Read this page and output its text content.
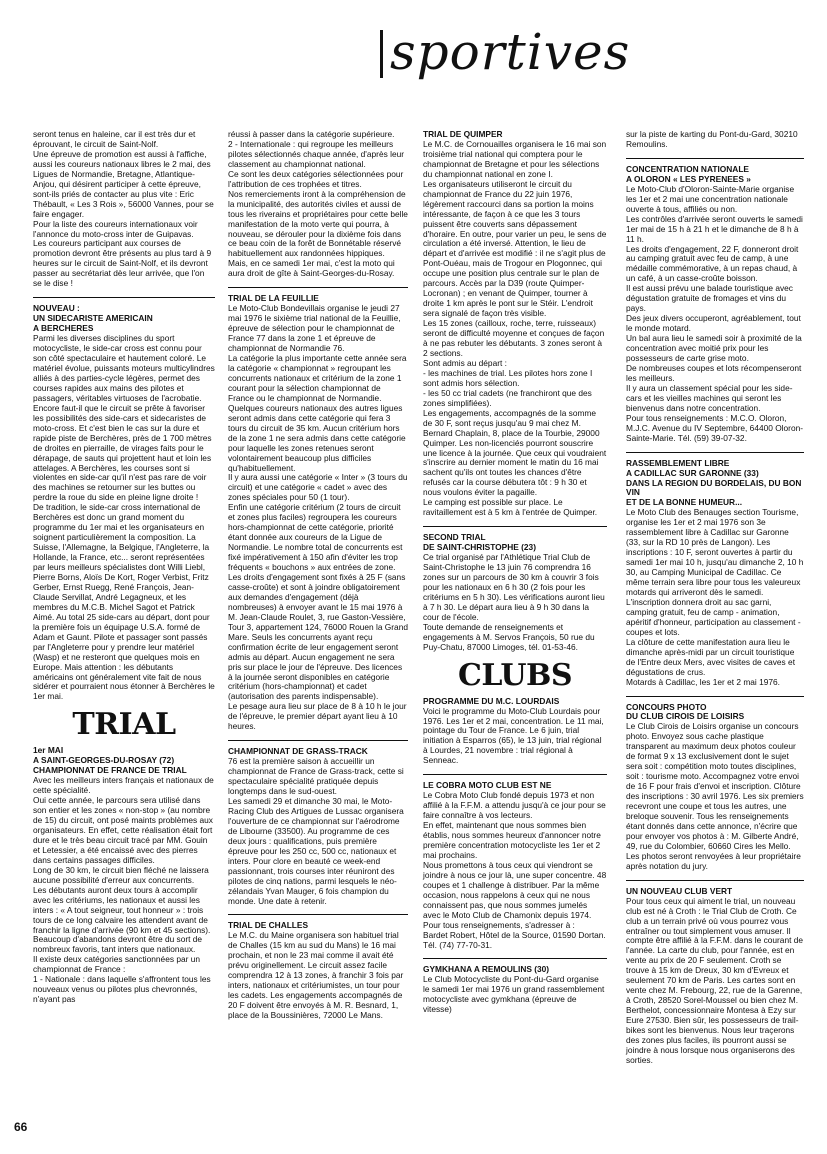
sportives
seront tenus en haleine, car il est très dur et éprouvant, le circuit de Saint-Nolf.
Une épreuve de promotion est aussi à l'affiche, aussi les coureurs nationaux libres le 2 mai, des Ligues de Normandie, Bretagne, Atlantique-Anjou, qui désirent participer à cette épreuve, sont-ils priés de contacter au plus vite : Eric Thébault, « Les 3 Rois », 56000 Vannes, pour se faire engager.
Pour la liste des coureurs internationaux voir l'annonce du moto-cross inter de Guipavas.
Les coureurs participant aux courses de promotion devront être présents au plus tard à 9 heures sur le circuit de Saint-Nolf, et ils devront passer au secrétariat dès leur arrivée, que l'on se le dise !
NOUVEAU :
UN SIDECARISTE AMERICAIN
A BERCHERES
Parmi les diverses disciplines du sport motocycliste, le side-car cross est connu pour son côté spectaculaire et hautement coloré. Le matériel évolue, puissants moteurs multicylindres alliés à des parties-cycle légères, permet des courses rapides aux mains des pilotes et passagers, véritables virtuoses de l'acrobatie. Encore faut-il que le circuit se prête à favoriser les possibilités des side-cars et sidecaristes de moto-cross. Et c'est bien le cas sur la dure et rapide piste de Berchères, près de 1 700 mètres de droites en pierraille, de virages faits pour le dérapage, de sauts qui projettent haut et loin les attelages. A Berchères, les courses sont si violentes en side-car qu'il n'est pas rare de voir des machines se retourner sur les buttes ou perdre la roue du side en pleine ligne droite !
De tradition, le side-car cross international de Berchères est donc un grand moment du programme du 1er mai et les organisateurs en soignent particulièrement la composition. La Suisse, l'Allemagne, la Belgique, l'Angleterre, la Hollande, la France, etc... seront représentées par leurs meilleurs spécialistes dont Willi Liebl, Pierre Borns, Aloïs De Kort, Roger Verbist, Fritz Gerber, Ernst Ruegg, René François, Jean-Claude Servillat, André Legagneux, et les membres du M.C.B. Michel Sagot et Patrick Aimé. Au total 25 side-cars au départ, dont pour la première fois un équipage U.S.A. formé de Adam et Gaunt. Pilote et passager sont passés par l'Angleterre pour y prendre leur matériel (Wasp) et ne resteront que quelques mois en Europe. Mais attention : les débutants américains ont généralement vite fait de nous sidérer et pourraient nous étonner à Berchères le 1er mai.
TRIAL
1er MAI
A SAINT-GEORGES-DU-ROSAY (72)
CHAMPIONNAT DE FRANCE DE TRIAL
Avec les meilleurs inters français et nationaux de cette spécialité.
Oui cette année, le parcours sera utilisé dans son entier et les zones « non-stop » (au nombre de 15) du circuit, ont posé maints problèmes aux organisateurs. En effet, cette réalisation était fort dure et le très beau circuit tracé par MM. Gouin et Letessier, a été encaissé avec des pierres dans certains passages difficiles.
Long de 30 km, le circuit bien fléché ne laissera aucune possibilité d'erreur aux concurrents.
Les débutants auront deux tours à accomplir avec les critériums, les nationaux et aussi les inters : « A tout seigneur, tout honneur » : trois tours de ce long calvaire les attendent avant de franchir la ligne d'arrivée (90 km et 45 sections).
Beaucoup d'abandons devront être du sort de nombreux favoris, tant inters que nationaux.
Il existe deux catégories sanctionnées par un championnat de France :
1 - Nationale : dans laquelle s'affrontent tous les nouveaux venus ou pilotes plus chevronnés, n'ayant pas
réussi à passer dans la catégorie supérieure.
2 - Internationale : qui regroupe les meilleurs pilotes sélectionnés chaque année, d'après leur classement au championnat national.
Ce sont les deux catégories sélectionnées pour l'attribution de ces trophées et titres.
Nos remerciements iront à la compréhension de la municipalité, des autorités civiles et aussi de tous les riverains et propriétaires pour cette belle manifestation de la moto verte qui pourra, à nouveau, se dérouler pour la dixième fois dans ce beau coin de la forêt de Bonnétable réservé habituellement aux randonnées hippiques.
Mais, en ce samedi 1er mai, c'est la moto qui aura droit de gîte à Saint-Georges-du-Rosay.
TRIAL DE LA FEUILLIE
Le Moto-Club Bondevillais organise le jeudi 27 mai 1976 le sixième trial national de la Feuillie, épreuve de sélection pour le championnat de France 77 dans la zone 1 et épreuve de championnat de Normandie 76.
La catégorie la plus importante cette année sera la catégorie « championnat » regroupant les concurrents nationaux et critérium de la zone 1 courant pour la sélection championnat de France ou le championnat de Normandie. Quelques coureurs nationaux des autres ligues seront admis dans cette catégorie qui fera 3 tours du circuit de 35 km. Aucun critérium hors de la zone 1 ne sera admis dans cette catégorie pour laquelle les zones retenues seront volontairement beaucoup plus difficiles qu'habituellement.
Il y aura aussi une catégorie « Inter » (3 tours du circuit) et une catégorie « cadet » avec des zones spéciales pour 50 (1 tour).
Enfin une catégorie critérium (2 tours de circuit et zones plus faciles) regroupera les coureurs hors-championnat de cette catégorie, priorité étant donnée aux coureurs de la Ligue de Normandie. Le nombre total de concurrents est fixé impérativement à 150 afin d'éviter les trop fréquents « bouchons » aux entrées de zone.
Les droits d'engagement sont fixés à 25 F (sans casse-croûte) et sont à joindre obligatoirement aux demandes d'engagement (déjà nombreuses) à envoyer avant le 15 mai 1976 à M. Jean-Claude Roulet, 3, rue Gaston-Vessière, Tour 3, appartement 124, 76000 Rouen la Grand Mare. Seuls les concurrents ayant reçu confirmation écrite de leur engagement seront admis au départ. Aucun engagement ne sera pris sur place le jour de l'épreuve. Des licences à la journée seront disponibles en catégorie critérium (hors-championnat) et cadet (autorisation des parents indispensable).
Le pesage aura lieu sur place de 8 à 10 h le jour de l'épreuve, le premier départ ayant lieu à 10 heures.
CHAMPIONNAT DE GRASS-TRACK
76 est la première saison à accueillir un championnat de France de Grass-track, cette si spectaculaire spécialité pratiquée depuis longtemps dans le sud-ouest.
Les samedi 29 et dimanche 30 mai, le Moto-Racing Club des Artigues de Lussac organisera l'ouverture de ce championnat sur l'aérodrome de Libourne (33500). Au programme de ces deux jours : qualifications, puis première épreuve pour les 250 cc, 500 cc, nationaux et inters. Pour clore en beauté ce week-end passionnant, trois courses inter réuniront des pilotes de cinq nations, parmi lesquels le néo-zélandais Yvan Mauger, 6 fois champion du monde. Une date à retenir.
TRIAL DE CHALLES
Le M.C. du Maine organisera son habituel trial de Challes (15 km au sud du Mans) le 16 mai prochain, et non le 23 mai comme il avait été prévu originellement. Le circuit assez facile comprendra 12 à 13 zones, à franchir 3 fois par inters, nationaux et critériumistes, un tour pour les cadets. Les engagements accompagnés de 20 F doivent être envoyés à M. R. Besnard, 1, place de la Boussinières, 72000 Le Mans.
TRIAL DE QUIMPER
Le M.C. de Cornouailles organisera le 16 mai son troisième trial national qui comptera pour le championnat de Bretagne et pour les sélections du championnat national en zone I.
Les organisateurs utiliseront le circuit du championnat de France du 22 juin 1976, légèrement raccourci dans sa portion la moins intéressante, de façon à ce que les 3 tours puissent être couverts sans dépassement d'horaire. En outre, pour varier un peu, le sens de circulation a été inversé. Attention, le lieu de départ et d'arrivée est modifié : il ne s'agit plus de Pont-Ouéau, mais de Trogour en Plogonnec, qui occupe une position plus centrale sur le plan de parcours. Accès par la D39 (route Quimper-Locronan) ; en venant de Quimper, tourner à droite 1 km après le pont sur le Stéir. L'endroit sera signalé de façon très visible.
Les 15 zones (cailloux, roche, terre, ruisseaux) seront de difficulté moyenne et conçues de façon à ne pas rebuter les débutants. 3 zones seront à 2 sections.
Sont admis au départ :
- les machines de trial. Les pilotes hors zone I sont admis hors sélection.
- les 50 cc trial cadets (ne franchiront que des zones simplifiées).
Les engagements, accompagnés de la somme de 30 F, sont reçus jusqu'au 9 mai chez M. Bernard Chaplain, 8, place de la Tourbie, 29000 Quimper. Les non-licenciés pourront souscrire une licence à la journée. Que ceux qui voudraient s'inscrire au dernier moment le matin du 16 mai sachent qu'ils ont toutes les chances d'être refusés car la course débutera tôt : 9 h 30 et nous voulons éviter la pagaille.
Le camping est possible sur place. Le ravitaillement est à 5 km à l'entrée de Quimper.
SECOND TRIAL
DE SAINT-CHRISTOPHE (23)
Ce trial organisé par l'Athlétique Trial Club de Saint-Christophe le 13 juin 76 comprendra 16 zones sur un parcours de 30 km à couvrir 3 fois pour les nationaux en 6 h 30 (2 fois pour les critériums en 5 h 30). Les vérifications auront lieu à 7 h 30. Le départ aura lieu à 9 h 30 dans la cour de l'école.
Toute demande de renseignements et engagements à M. Servos François, 50 rue du Puy-Chatu, 87000 Limoges, tél. 01-53-46.
CLUBS
PROGRAMME DU M.C. LOURDAIS
Voici le programme du Moto-Club Lourdais pour 1976. Les 1er et 2 mai, concentration. Le 11 mai, pointage du Tour de France. Le 6 juin, trial initiation à Esparros (65), le 13 juin, trial régional à Lourdes, 21 novembre : trial régional à Senneac.
LE COBRA MOTO CLUB EST NE
Le Cobra Moto Club fondé depuis 1973 et non affilié à la F.F.M. a attendu jusqu'à ce jour pour se faire connaître à vos lecteurs.
En effet, maintenant que nous sommes bien établis, nous sommes heureux d'annoncer notre première concentration motocycliste les 1er et 2 mai prochains.
Nous promettons à tous ceux qui viendront se joindre à nous ce jour là, une super concentre. 48 coupes et 1 challenge à distribuer. Par la même occasion, nous rappelons à ceux qui ne nous connaissent pas, que nous sommes jumelés avec le Moto Club de Chamonix depuis 1974.
Pour tous renseignements, s'adresser à :
Bardet Robert, Hôtel de la Source, 01590 Dortan. Tél. (74) 77-70-31.
GYMKHANA A REMOULINS (30)
Le Club Motocycliste du Pont-du-Gard organise le samedi 1er mai 1976 un grand rassemblement motocycliste avec gymkhana (épreuve de vitesse)
sur la piste de karting du Pont-du-Gard, 30210 Remoulins.
CONCENTRATION NATIONALE
A OLORON « LES PYRENEES »
Le Moto-Club d'Oloron-Sainte-Marie organise les 1er et 2 mai une concentration nationale ouverte à tous, affiliés ou non.
Les contrôles d'arrivée seront ouverts le samedi 1er mai de 15 h à 21 h et le dimanche de 8 h à 11 h.
Les droits d'engagement, 22 F, donneront droit au camping gratuit avec feu de camp, à une médaille commémorative, à un repas chaud, à un café, à un casse-croûte boisson.
Il est aussi prévu une balade touristique avec dégustation gratuite de fromages et vins du pays.
Des jeux divers occuperont, agréablement, tout le monde motard.
Un bal aura lieu le samedi soir à proximité de la concentration avec moitié prix pour les possesseurs de carte grise moto.
De nombreuses coupes et lots récompenseront les meilleurs.
Il y aura un classement spécial pour les side-cars et les vieilles machines qui seront les bienvenus dans notre concentration.
Pour tous renseignements : M.C.O. Oloron, M.J.C. Avenue du IV Septembre, 64400 Oloron-Sainte-Marie. Tél. (59) 39-07-32.
RASSEMBLEMENT LIBRE
A CADILLAC SUR GARONNE (33)
DANS LA REGION DU BORDELAIS, DU BON VIN
ET DE LA BONNE HUMEUR...
Le Moto Club des Benauges section Tourisme, organise les 1er et 2 mai 1976 son 3e rassemblement libre à Cadillac sur Garonne (33, sur la RD 10 près de Langon). Les inscriptions : 10 F, seront ouvertes à partir du samedi 1er mai 10 h, jusqu'au dimanche 2, 10 h 30, au Camping Municipal de Cadillac. Ce même terrain sera libre pour tous les valeureux motards qui arriveront dès le samedi. L'inscription donnera droit au sac garni, camping gratuit, feu de camp - animation, apéritif d'honneur, participation au classement - coupes et lots.
La clôture de cette manifestation aura lieu le dimanche après-midi par un circuit touristique de l'Entre deux Mers, avec visites de caves et dégustations de crus.
Motards à Cadillac, les 1er et 2 mai 1976.
CONCOURS PHOTO
DU CLUB CIROIS DE LOISIRS
Le Club Cirois de Loisirs organise un concours photo. Envoyez sous cache plastique transparent au maximum deux photos couleur de format 9 x 13 exclusivement dont le sujet sera soit : compétition moto toutes disciplines, soit : tourisme moto. Accompagnez votre envoi de 16 F pour frais d'envoi et inscription. Clôture des inscriptions : 30 avril 1976. Les six premiers recevront une coupe et tous les autres, une breloque souvenir. Tous les renseignements étant donnés dans cette annonce, n'écrire que pour envoyer vos photos à : M. Gilberte André, 49, rue du Colombier, 60660 Cires les Mello. Les photos seront renvoyées à leur propriétaire après notation du jury.
UN NOUVEAU CLUB VERT
Pour tous ceux qui aiment le trial, un nouveau club est né à Croth : le Trial Club de Croth. Ce club a un terrain privé où vous pourrez vous entraîner ou tout simplement vous amuser. Il compte être affilié à la F.F.M. dans le courant de l'année. La carte du club, pour l'année, est en vente au prix de 20 F seulement. Croth se trouve à 15 km de Dreux, 30 km d'Evreux et seulement 70 km de Paris. Les cartes sont en vente chez M. Frebourg, 22, rue de la Garenne, à Croth, 28520 Sorel-Moussel ou bien chez M. Berthelot, concessionnaire Montesa à Ezy sur Eure 27530. Bien sûr, les possesseurs de trail-bikes sont les bienvenus. Nous leur traçerons des zones plus faciles, ils pourront aussi se joindre à nous lorsque nous organiserons des sorties.
66
